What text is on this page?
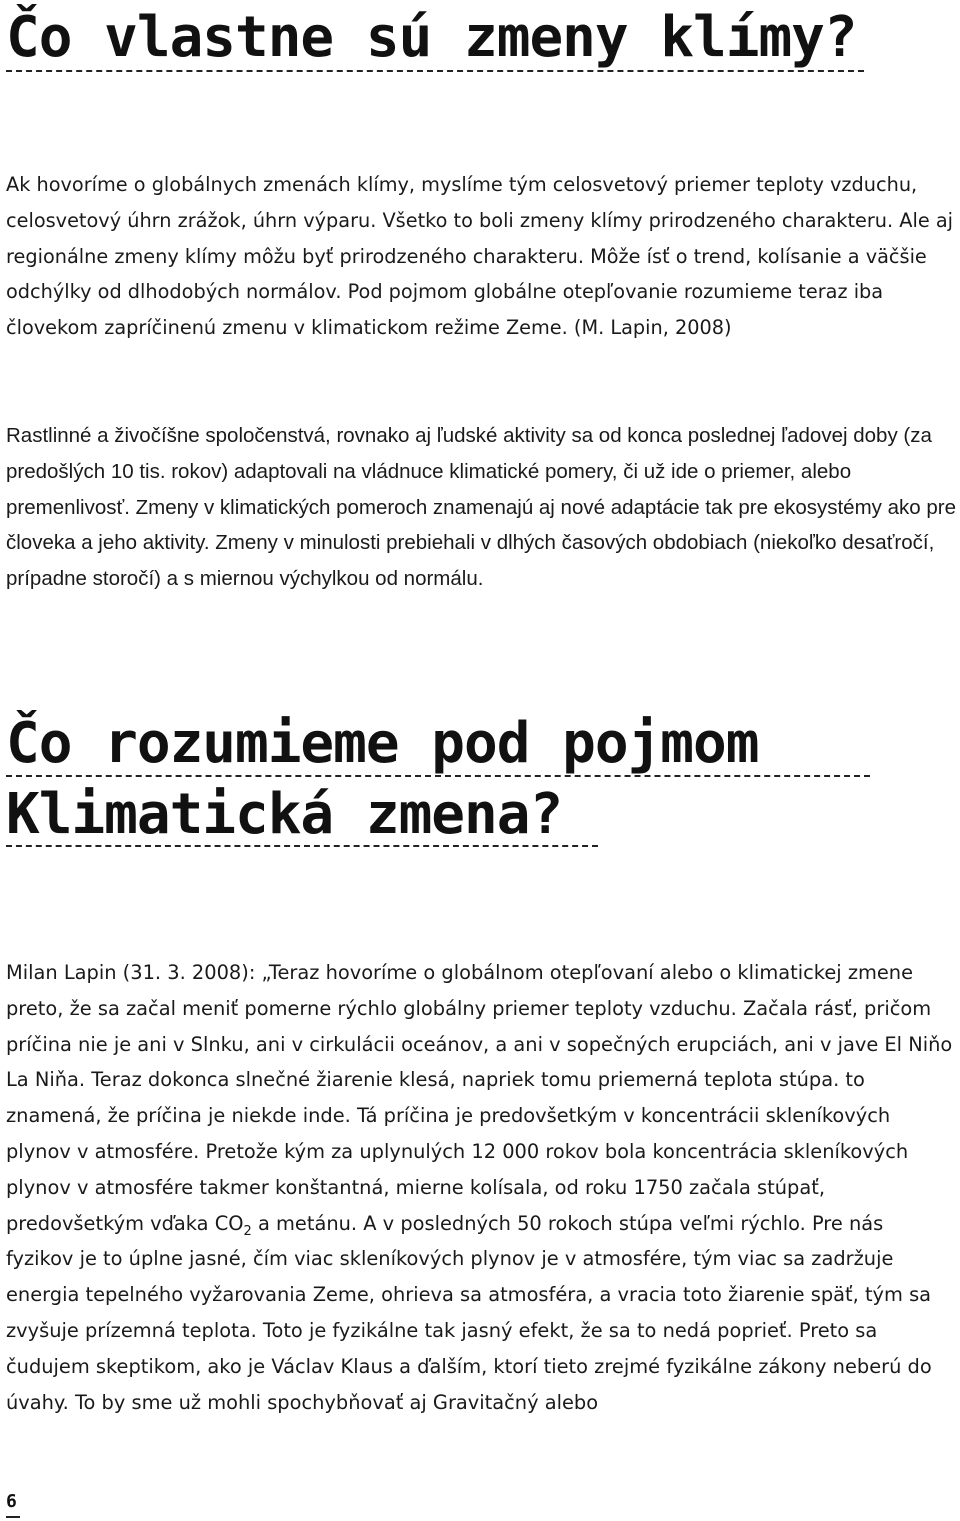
Čo vlastne sú zmeny klímy?

Ak hovoríme o globálnych zmenách klímy, myslíme tým celosvetový priemer teploty vzduchu, celosvetový úhrn zrážok, úhrn výparu. Všetko to boli zmeny klímy prirodzeného charakteru. Ale aj regionálne zmeny klímy môžu byť prirodzeného charakteru. Môže ísť o trend, kolísanie a väčšie odchýlky od dlhodobých normálov. Pod pojmom globálne otepľovanie rozumieme teraz iba človekom zapríčinenú zmenu v klimatickom režime Zeme. (M. Lapin, 2008)

Rastlinné a živočíšne spoločenstvá, rovnako aj ľudské aktivity sa od konca poslednej ľadovej doby (za predošlých 10 tis. rokov) adaptovali na vládnuce klimatické pomery, či už ide o priemer, alebo premenlivosť. Zmeny v klimatických pomeroch znamenajú aj nové adaptácie tak pre ekosystémy ako pre človeka a jeho aktivity. Zmeny v minulosti prebiehali v dlhých časových obdobiach (niekoľko desaťročí, prípadne storočí) a s miernou výchylkou od normálu.

Čo rozumieme pod pojmom
Klimatická zmena?

Milan Lapin (31. 3. 2008): „Teraz hovoríme o globálnom otepľovaní alebo o klimatickej zmene preto, že sa začal meniť pomerne rýchlo globálny priemer teploty vzduchu. Začala rásť, pričom príčina nie je ani v Slnku, ani v cirkulácii oceánov, a ani v sopečných erupciách, ani v jave El Niňo La Niňa. Teraz dokonca slnečné žiarenie klesá, napriek tomu priemerná teplota stúpa. to znamená, že príčina je niekde inde. Tá príčina je predovšetkým v koncentrácii skleníkových plynov v atmosfére. Pretože kým za uplynulých 12 000 rokov bola koncentrácia skleníkových plynov v atmosfére takmer konštantná, mierne kolísala, od roku 1750 začala stúpať, predovšetkým vďaka $CO_2$ a metánu. A v posledných 50 rokoch stúpa veľmi rýchlo. Pre nás fyzikov je to úplne jasné, čím viac skleníkových plynov je v atmosfére, tým viac sa zadržuje energia tepelného vyžarovania Zeme, ohrieva sa atmosféra, a vracia toto žiarenie späť, tým sa zvyšuje prízemná teplota. Toto je fyzikálne tak jasný efekt, že sa to nedá poprieť. Preto sa čudujem skeptikom, ako je Václav Klaus a ďalším, ktorí tieto zrejmé fyzikálne zákony neberú do úvahy. To by sme už mohli spochybňovať aj Gravitačný alebo

6
